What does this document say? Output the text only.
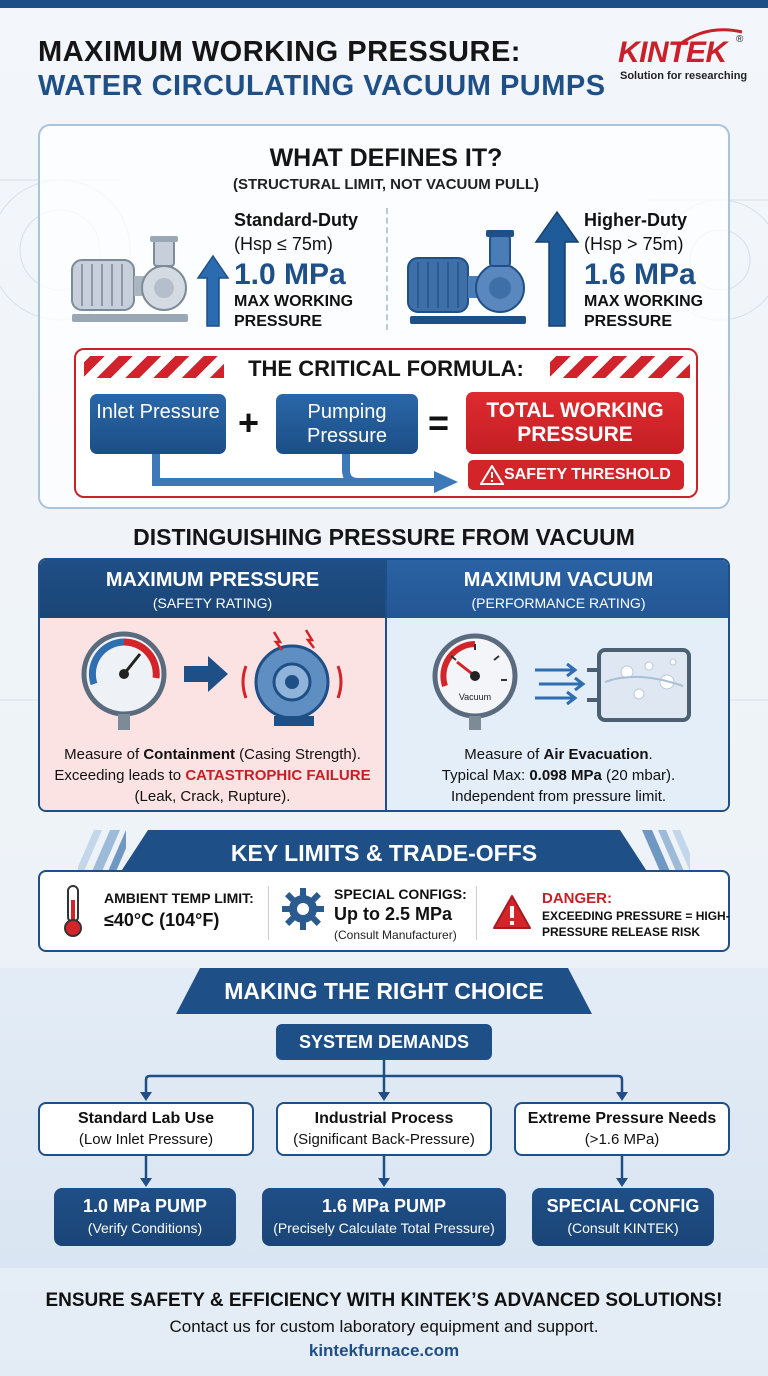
MAXIMUM WORKING PRESSURE:
WATER CIRCULATING VACUUM PUMPS
KINTEK ®
Solution for researching
WHAT DEFINES IT?
(STRUCTURAL LIMIT, NOT VACUUM PULL)
Standard-Duty
(Hsp ≤ 75m)
1.0 MPa
MAX WORKING PRESSURE
Higher-Duty
(Hsp > 75m)
1.6 MPa
MAX WORKING PRESSURE
THE CRITICAL FORMULA:
Inlet Pressure +	Pumping Pressure	=	TOTAL WORKING PRESSURE
SAFETY THRESHOLD
DISTINGUISHING PRESSURE FROM VACUUM
MAXIMUM PRESSURE
(SAFETY RATING)
Measure of Containment (Casing Strength).
Exceeding leads to CATASTROPHIC FAILURE
(Leak, Crack, Rupture).
MAXIMUM VACUUM
(PERFORMANCE RATING)
Vacuum
Measure of Air Evacuation.
Typical Max: 0.098 MPa (20 mbar).
Independent from pressure limit.
KEY LIMITS & TRADE-OFFS
AMBIENT TEMP LIMIT:
≤40°C (104°F)
SPECIAL CONFIGS:
Up to 2.5 MPa
(Consult Manufacturer)
DANGER:
EXCEEDING PRESSURE = HIGH-PRESSURE RELEASE RISK
MAKING THE RIGHT CHOICE
SYSTEM DEMANDS
Standard Lab Use
(Low Inlet Pressure)
Industrial Process
(Significant Back-Pressure)
Extreme Pressure Needs
(>1.6 MPa)
1.0 MPa PUMP
(Verify Conditions)
1.6 MPa PUMP
(Precisely Calculate Total Pressure)
SPECIAL CONFIG
(Consult KINTEK)
ENSURE SAFETY & EFFICIENCY WITH KINTEK’S ADVANCED SOLUTIONS!
Contact us for custom laboratory equipment and support.
kintekfurnace.com
